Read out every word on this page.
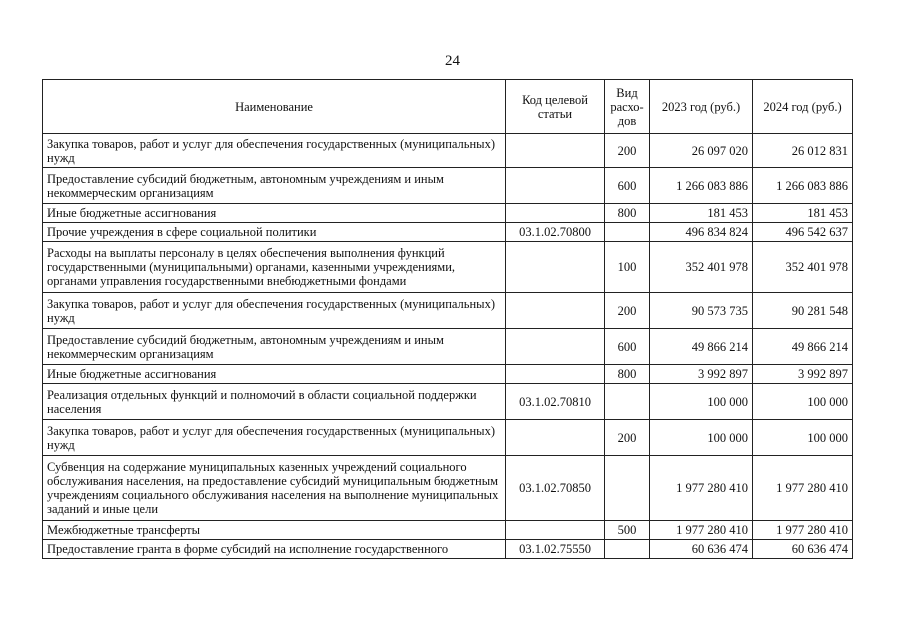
24
Наименование	Код целевой статьи	Вид расхо-дов	2023 год (руб.)	2024 год (руб.)
Закупка товаров, работ и услуг для обеспечения государственных (муниципальных) нужд		200	26 097 020	26 012 831
Предоставление субсидий бюджетным, автономным учреждениям и иным некоммерческим организациям		600	1 266 083 886	1 266 083 886
Иные бюджетные ассигнования		800	181 453	181 453
Прочие учреждения в сфере социальной политики	03.1.02.70800		496 834 824	496 542 637
Расходы на выплаты персоналу в целях обеспечения выполнения функций государственными (муниципальными) органами, казенными учреждениями, органами управления государственными внебюджетными фондами		100	352 401 978	352 401 978
Закупка товаров, работ и услуг для обеспечения государственных (муниципальных) нужд		200	90 573 735	90 281 548
Предоставление субсидий бюджетным, автономным учреждениям и иным некоммерческим организациям		600	49 866 214	49 866 214
Иные бюджетные ассигнования		800	3 992 897	3 992 897
Реализация отдельных функций и полномочий в области социальной поддержки населения	03.1.02.70810		100 000	100 000
Закупка товаров, работ и услуг для обеспечения государственных (муниципальных) нужд		200	100 000	100 000
Субвенция на содержание муниципальных казенных учреждений социального обслуживания населения, на предоставление субсидий муниципальным бюджетным учреждениям социального обслуживания населения на выполнение муниципальных заданий и иные цели	03.1.02.70850		1 977 280 410	1 977 280 410
Межбюджетные трансферты		500	1 977 280 410	1 977 280 410
Предоставление гранта в форме субсидий на исполнение государственного	03.1.02.75550		60 636 474	60 636 474
